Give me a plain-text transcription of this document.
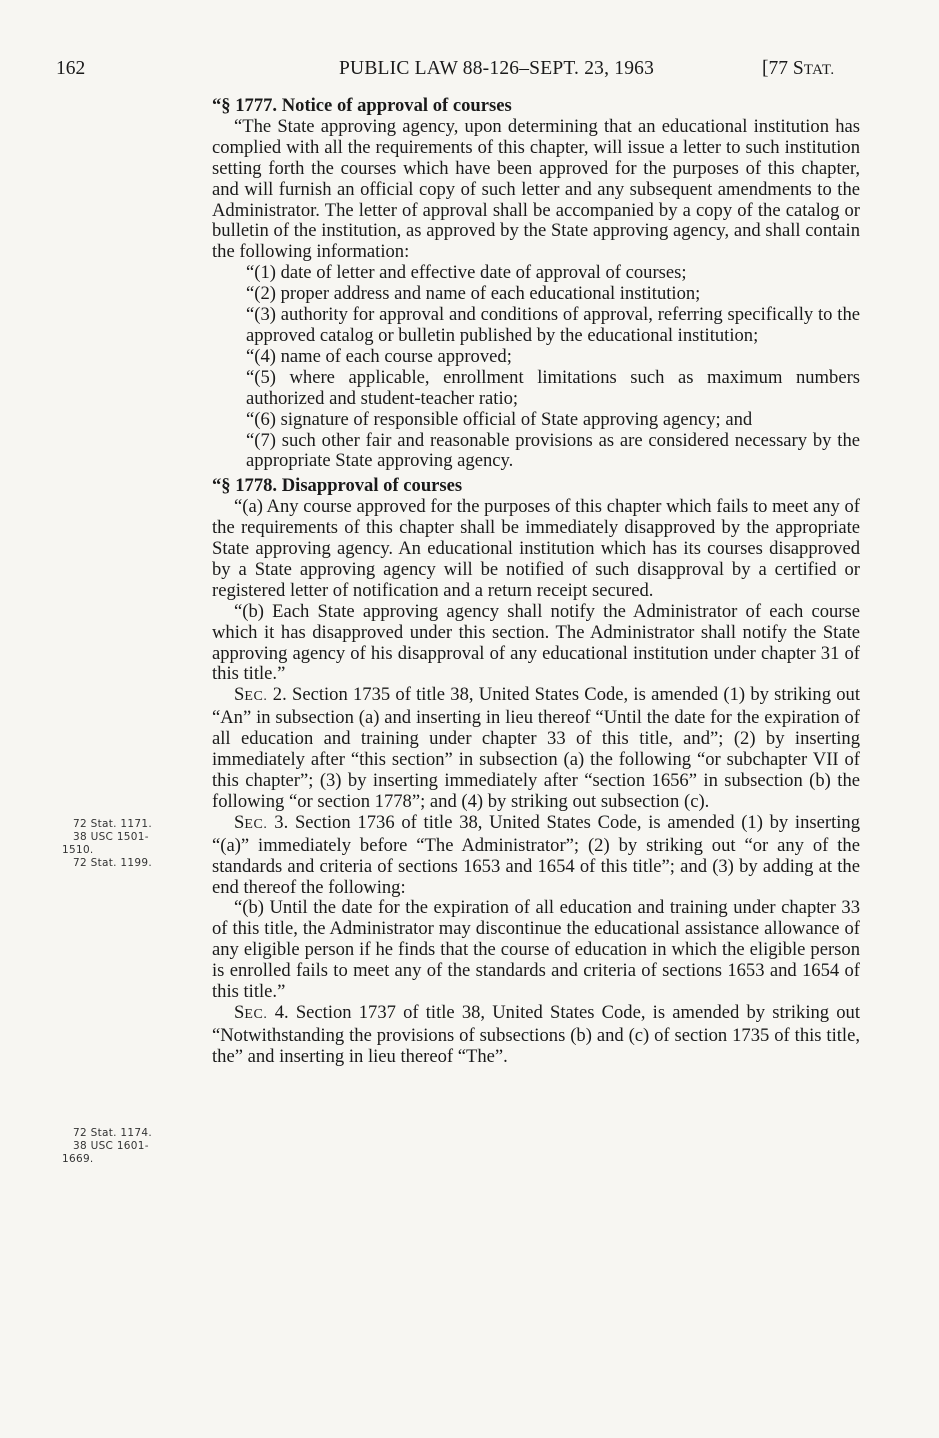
162	PUBLIC LAW 88-126–SEPT. 23, 1963	[77 STAT.
“§ 1777. Notice of approval of courses

“The State approving agency, upon determining that an educational institution has complied with all the requirements of this chapter, will issue a letter to such institution setting forth the courses which have been approved for the purposes of this chapter, and will furnish an official copy of such letter and any subsequent amendments to the Administrator. The letter of approval shall be accompanied by a copy of the catalog or bulletin of the institution, as approved by the State approving agency, and shall contain the following information:

“(1) date of letter and effective date of approval of courses;

“(2) proper address and name of each educational institution;

“(3) authority for approval and conditions of approval, referring specifically to the approved catalog or bulletin published by the educational institution;

“(4) name of each course approved;

“(5) where applicable, enrollment limitations such as maximum numbers authorized and student-teacher ratio;

“(6) signature of responsible official of State approving agency; and

“(7) such other fair and reasonable provisions as are considered necessary by the appropriate State approving agency.

“§ 1778. Disapproval of courses

“(a) Any course approved for the purposes of this chapter which fails to meet any of the requirements of this chapter shall be immediately disapproved by the appropriate State approving agency. An educational institution which has its courses disapproved by a State approving agency will be notified of such disapproval by a certified or registered letter of notification and a return receipt secured.

“(b) Each State approving agency shall notify the Administrator of each course which it has disapproved under this section. The Administrator shall notify the State approving agency of his disapproval of any educational institution under chapter 31 of this title.”

SEC. 2. Section 1735 of title 38, United States Code, is amended (1) by striking out “An” in subsection (a) and inserting in lieu thereof “Until the date for the expiration of all education and training under chapter 33 of this title, and”; (2) by inserting immediately after “this section” in subsection (a) the following “or subchapter VII of this chapter”; (3) by inserting immediately after “section 1656” in subsection (b) the following “or section 1778”; and (4) by striking out subsection (c).

SEC. 3. Section 1736 of title 38, United States Code, is amended (1) by inserting “(a)” immediately before “The Administrator”; (2) by striking out “or any of the standards and criteria of sections 1653 and 1654 of this title”; and (3) by adding at the end thereof the following:

“(b) Until the date for the expiration of all education and training under chapter 33 of this title, the Administrator may discontinue the educational assistance allowance of any eligible person if he finds that the course of education in which the eligible person is enrolled fails to meet any of the standards and criteria of sections 1653 and 1654 of this title.”

SEC. 4. Section 1737 of title 38, United States Code, is amended by striking out “Notwithstanding the provisions of subsections (b) and (c) of section 1735 of this title, the” and inserting in lieu thereof “The”.

72 Stat. 1171.
38 USC 1501-
1510.
72 Stat. 1199.
72 Stat. 1174.
38 USC 1601-
1669.
